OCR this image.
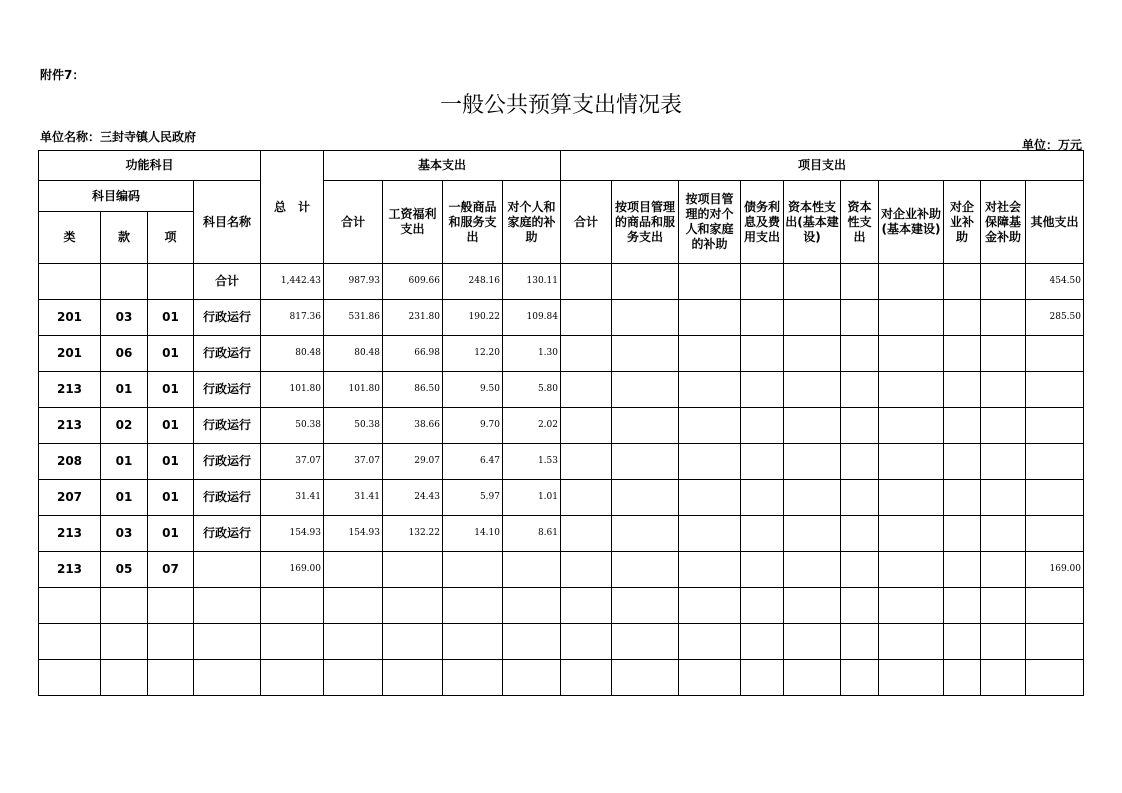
附件7：
一般公共预算支出情况表
单位名称：三封寺镇人民政府
单位：万元
功能科目				总　计	基本支出				项目支出									
科目编码			科目名称		合计	工资福利支出	一般商品和服务支出	对个人和家庭的补助	合计	按项目管理的商品和服务支出	按项目管理的对个人和家庭的补助	债务利息及费用支出	资本性支出(基本建设)	资本性支出	对企业补助(基本建设)	对企业补助	对社会保障基金补助	其他支出
类	款	项																
			合计	1,442.43	987.93	609.66	248.16	130.11										454.50
201	03	01	行政运行	817.36	531.86	231.80	190.22	109.84										285.50
201	06	01	行政运行	80.48	80.48	66.98	12.20	1.30										
213	01	01	行政运行	101.80	101.80	86.50	9.50	5.80										
213	02	01	行政运行	50.38	50.38	38.66	9.70	2.02										
208	01	01	行政运行	37.07	37.07	29.07	6.47	1.53										
207	01	01	行政运行	31.41	31.41	24.43	5.97	1.01										
213	03	01	行政运行	154.93	154.93	132.22	14.10	8.61										
213	05	07		169.00														169.00
